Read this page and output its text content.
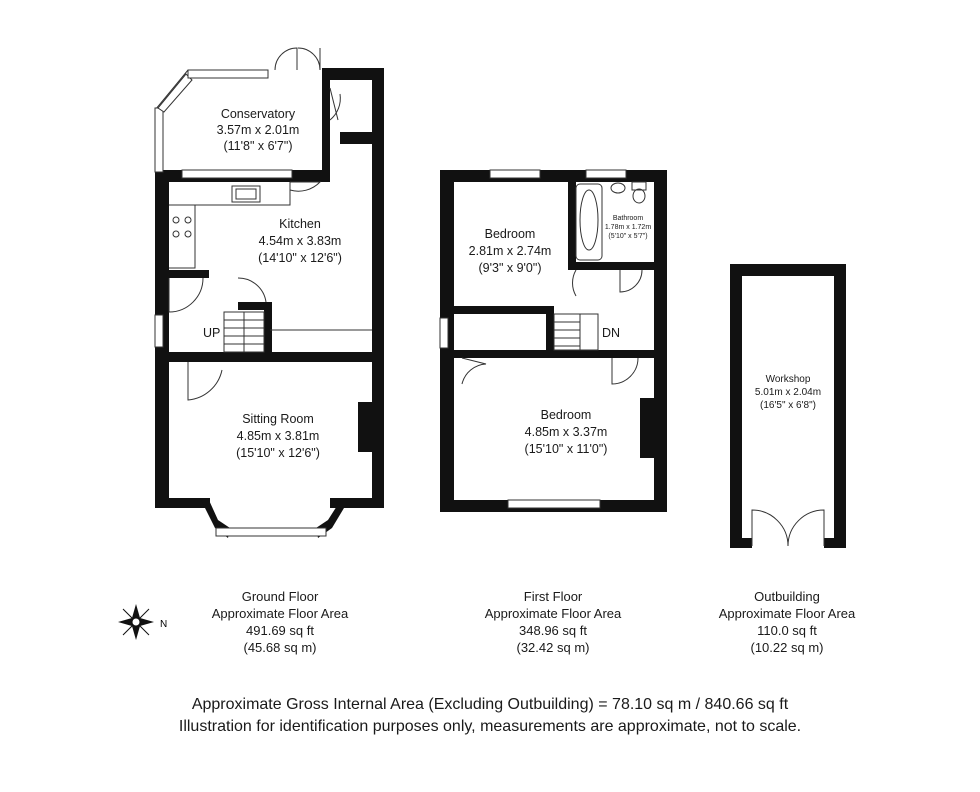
Conservatory
3.57m x 2.01m
(11'8" x 6'7")
Kitchen
4.54m x 3.83m
(14'10" x 12'6")
Sitting Room
4.85m x 3.81m
(15'10" x 12'6")
Bedroom
2.81m x 2.74m
(9'3" x 9'0")
Bathroom
1.78m x 1.72m
(5'10" x 5'7")
Bedroom
4.85m x 3.37m
(15'10" x 11'0")
Workshop
5.01m x 2.04m
(16'5" x 6'8")
UP	DN
N
Ground Floor
Approximate Floor Area
491.69 sq ft
(45.68 sq m)
First Floor
Approximate Floor Area
348.96 sq ft
(32.42 sq m)
Outbuilding
Approximate Floor Area
110.0 sq ft
(10.22 sq m)
Approximate Gross Internal Area (Excluding Outbuilding) = 78.10 sq m / 840.66 sq ft
Illustration for identification purposes only, measurements are approximate, not to scale.
